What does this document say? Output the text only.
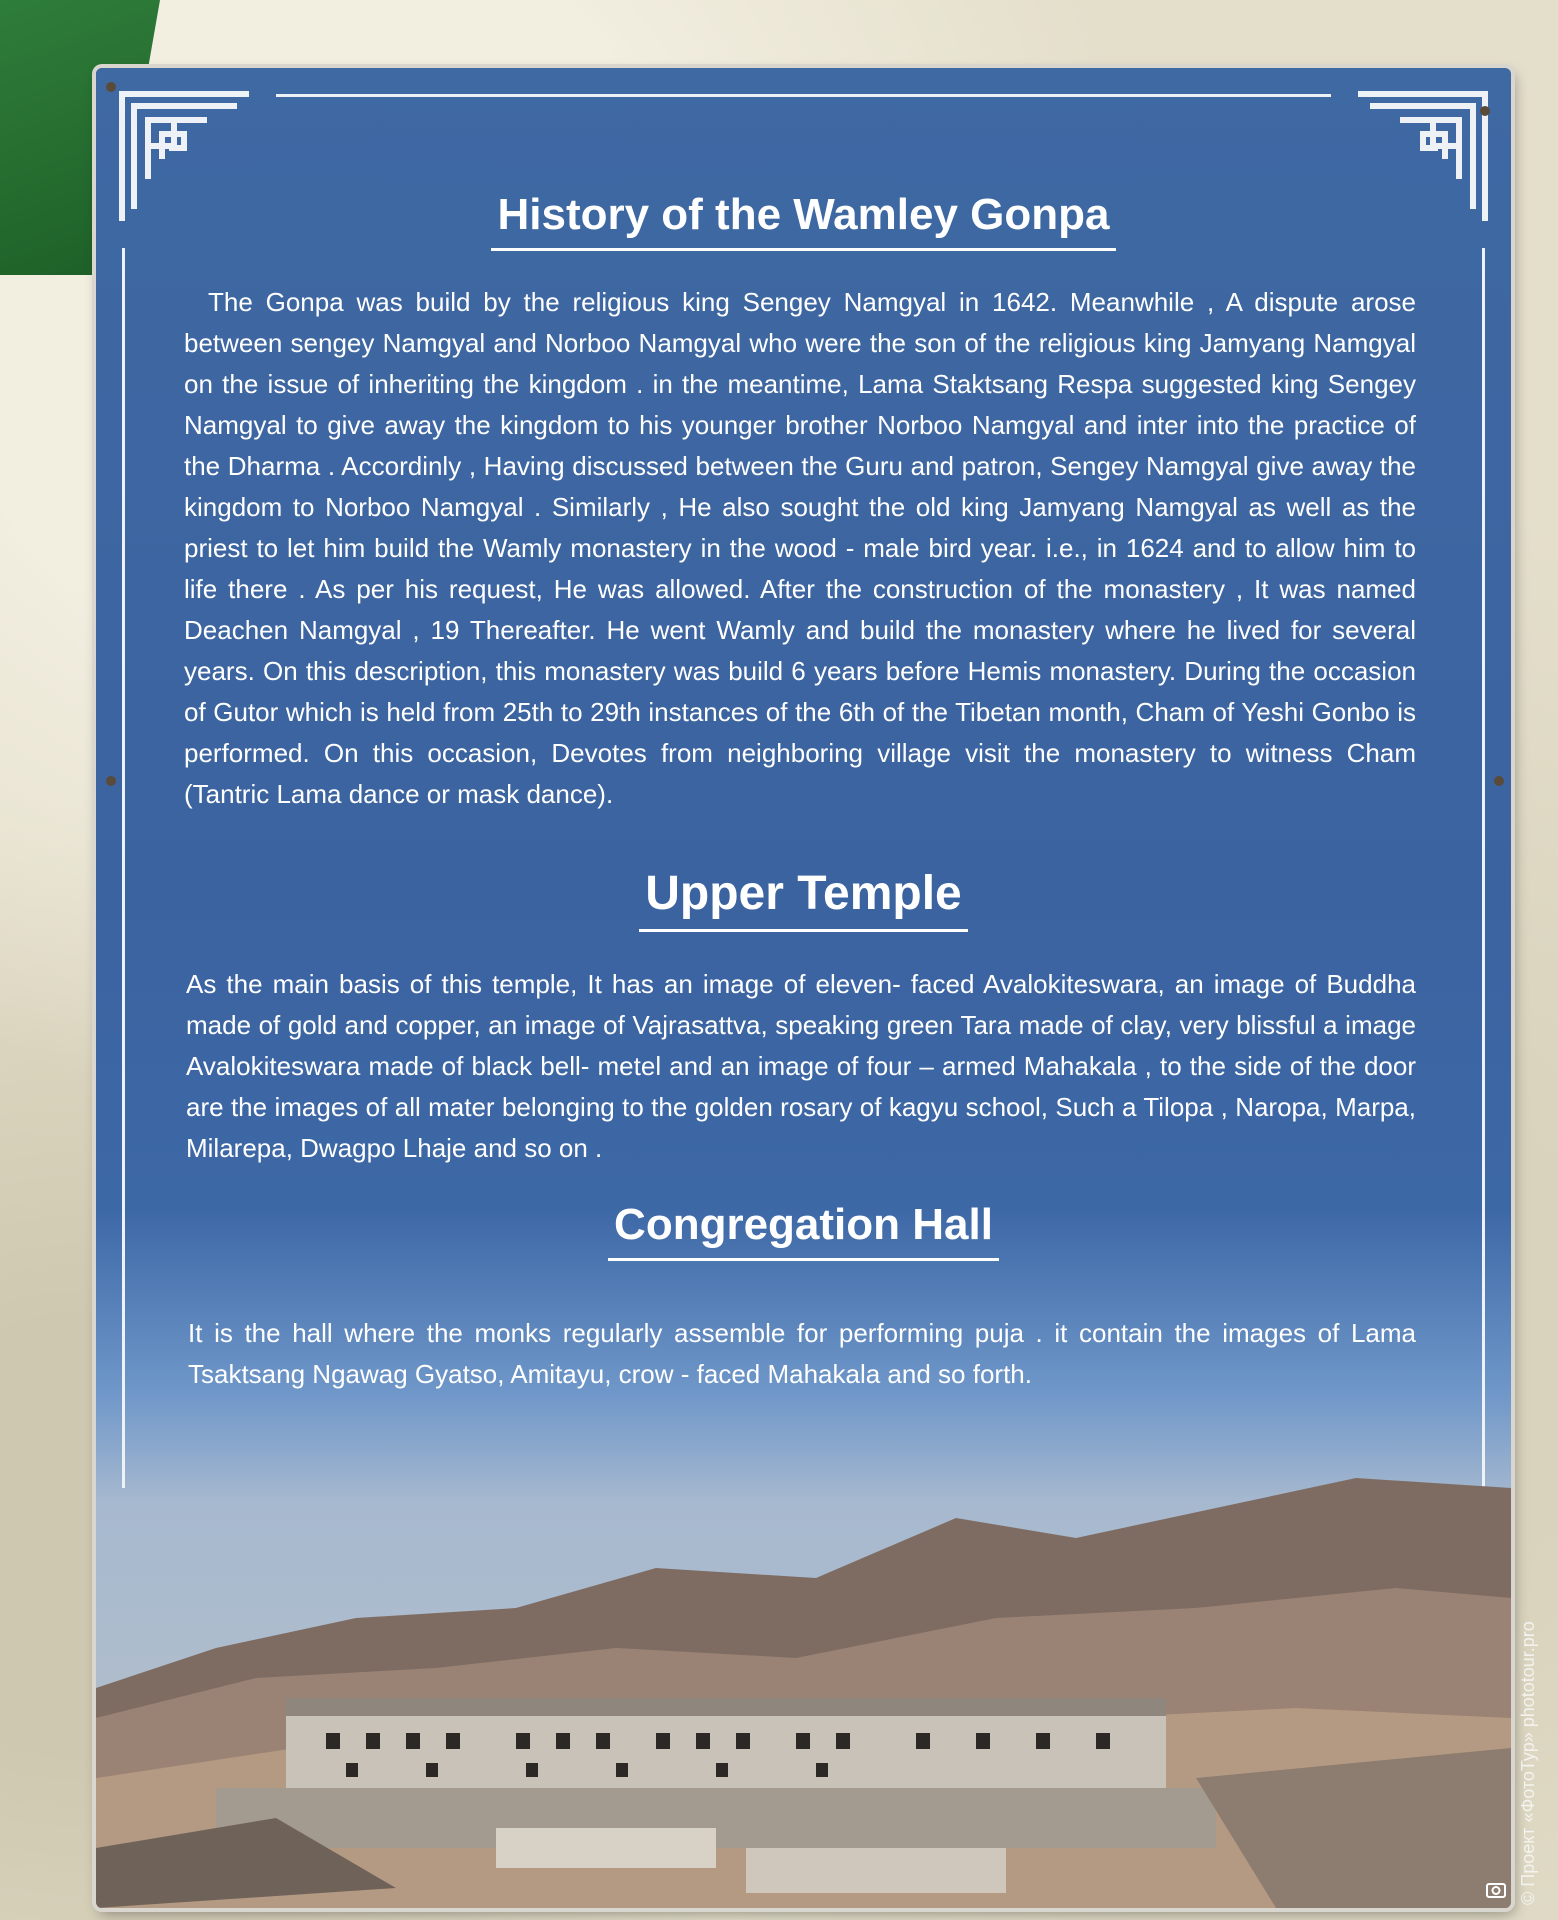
History of the Wamley Gonpa

The Gonpa was build by the religious king Sengey Namgyal in 1642. Meanwhile , A dispute arose between sengey Namgyal and Norboo Namgyal who were the son of the religious king Jamyang Namgyal on the issue of inheriting the kingdom . in the meantime, Lama Staktsang Respa suggested king Sengey Namgyal to give away the kingdom to his younger brother Norboo Namgyal and inter into the practice of the Dharma . Accordinly , Having discussed between the Guru and patron, Sengey Namgyal give away the kingdom to Norboo Namgyal . Similarly , He also sought the old king Jamyang Namgyal as well as the priest to let him build the Wamly monastery in the wood - male bird year. i.e., in 1624 and to allow him to life there . As per his request, He was allowed. After the construction of the monastery , It was named Deachen Namgyal , 19 Thereafter. He went Wamly and build the monastery where he lived for several years. On this description, this monastery was build 6 years before Hemis monastery. During the occasion of Gutor which is held from 25th to 29th instances of the 6th of the Tibetan month, Cham of Yeshi Gonbo is performed. On this occasion, Devotes from neighboring village visit the monastery to witness Cham (Tantric Lama dance or mask dance).

Upper Temple

As the main basis of this temple, It has an image of eleven- faced Avalokiteswara, an image of Buddha made of gold and copper, an image of Vajrasattva, speaking green Tara made of clay, very blissful a image Avalokiteswara made of black bell- metel and an image of four – armed Mahakala , to the side of the door are the images of all mater belonging to the golden rosary of kagyu school, Such a Tilopa , Naropa, Marpa, Milarepa, Dwagpo Lhaje and so on .

Congregation Hall

It is the hall where the monks regularly assemble for performing puja . it contain the images of Lama Tsaktsang Ngawag Gyatso, Amitayu, crow - faced Mahakala and so forth.

© Проект «ФотоТур» phototour.pro
